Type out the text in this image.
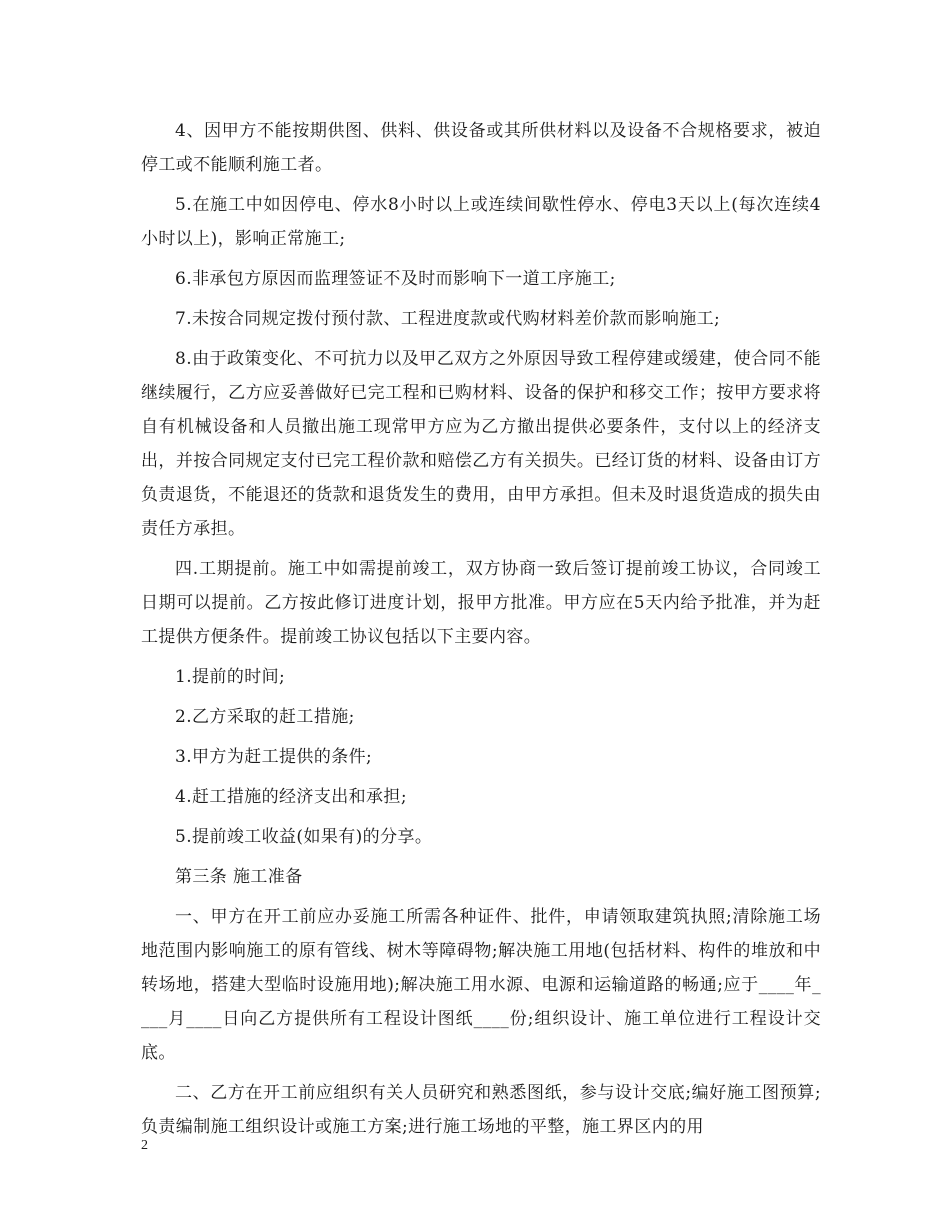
4、因甲方不能按期供图、供料、供设备或其所供材料以及设备不合规格要求，被迫停工或不能顺利施工者。

5.在施工中如因停电、停水8小时以上或连续间歇性停水、停电3天以上(每次连续4小时以上)，影响正常施工;

6.非承包方原因而监理签证不及时而影响下一道工序施工;

7.未按合同规定拨付预付款、工程进度款或代购材料差价款而影响施工;

8.由于政策变化、不可抗力以及甲乙双方之外原因导致工程停建或缓建，使合同不能继续履行，乙方应妥善做好已完工程和已购材料、设备的保护和移交工作；按甲方要求将自有机械设备和人员撤出施工现常甲方应为乙方撤出提供必要条件，支付以上的经济支出，并按合同规定支付已完工程价款和赔偿乙方有关损失。已经订货的材料、设备由订方负责退货，不能退还的货款和退货发生的费用，由甲方承担。但未及时退货造成的损失由责任方承担。

四.工期提前。施工中如需提前竣工，双方协商一致后签订提前竣工协议，合同竣工日期可以提前。乙方按此修订进度计划，报甲方批准。甲方应在5天内给予批准，并为赶工提供方便条件。提前竣工协议包括以下主要内容。

1.提前的时间;

2.乙方采取的赶工措施;

3.甲方为赶工提供的条件;

4.赶工措施的经济支出和承担;

5.提前竣工收益(如果有)的分享。

第三条 施工准备

一、甲方在开工前应办妥施工所需各种证件、批件，申请领取建筑执照;清除施工场地范围内影响施工的原有管线、树木等障碍物;解决施工用地(包括材料、构件的堆放和中转场地，搭建大型临时设施用地);解决施工用水源、电源和运输道路的畅通;应于____年____月____日向乙方提供所有工程设计图纸____份;组织设计、施工单位进行工程设计交底。

二、乙方在开工前应组织有关人员研究和熟悉图纸，参与设计交底;编好施工图预算;负责编制施工组织设计或施工方案;进行施工场地的平整，施工界区内的用

2
